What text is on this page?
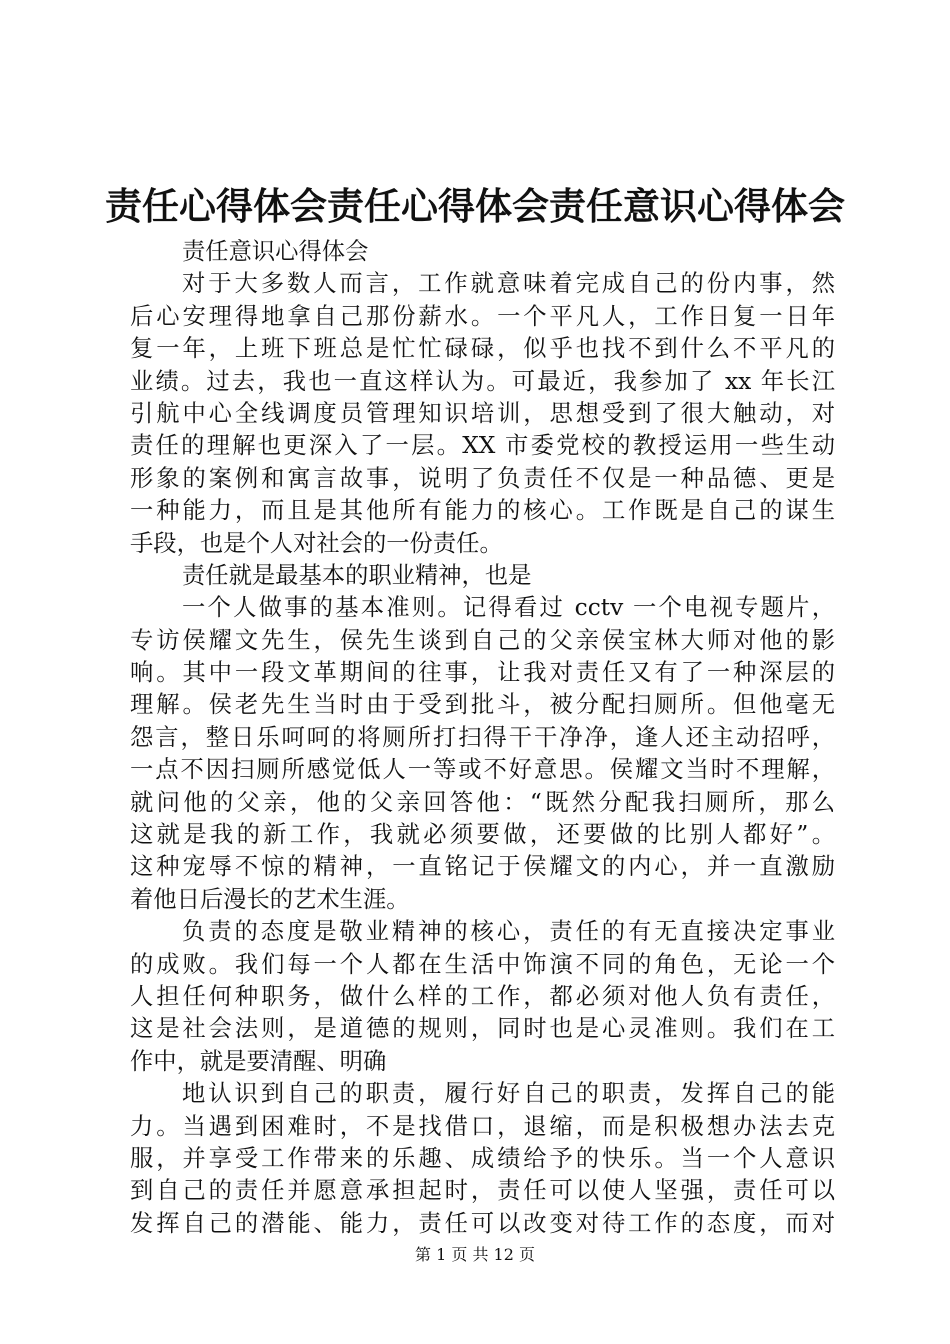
责任心得体会责任心得体会责任意识心得体会
责任意识心得体会
对于大多数人而言，工作就意味着完成自己的份内事，然
后心安理得地拿自己那份薪水。一个平凡人，工作日复一日年
复一年，上班下班总是忙忙碌碌，似乎也找不到什么不平凡的
业绩。过去，我也一直这样认为。可最近，我参加了 xx 年长江
引航中心全线调度员管理知识培训，思想受到了很大触动，对
责任的理解也更深入了一层。XX 市委党校的教授运用一些生动
形象的案例和寓言故事，说明了负责任不仅是一种品德、更是
一种能力，而且是其他所有能力的核心。工作既是自己的谋生
手段，也是个人对社会的一份责任。
责任就是最基本的职业精神，也是
一个人做事的基本准则。记得看过 cctv 一个电视专题片，
专访侯耀文先生，侯先生谈到自己的父亲侯宝林大师对他的影
响。其中一段文革期间的往事，让我对责任又有了一种深层的
理解。侯老先生当时由于受到批斗，被分配扫厕所。但他毫无
怨言，整日乐呵呵的将厕所打扫得干干净净，逢人还主动招呼，
一点不因扫厕所感觉低人一等或不好意思。侯耀文当时不理解，
就问他的父亲，他的父亲回答他：“既然分配我扫厕所，那么
这就是我的新工作，我就必须要做，还要做的比别人都好”。
这种宠辱不惊的精神，一直铭记于侯耀文的内心，并一直激励
着他日后漫长的艺术生涯。
负责的态度是敬业精神的核心，责任的有无直接决定事业
的成败。我们每一个人都在生活中饰演不同的角色，无论一个
人担任何种职务，做什么样的工作，都必须对他人负有责任，
这是社会法则，是道德的规则，同时也是心灵准则。我们在工
作中，就是要清醒、明确
地认识到自己的职责，履行好自己的职责，发挥自己的能
力。当遇到困难时，不是找借口，退缩，而是积极想办法去克
服，并享受工作带来的乐趣、成绩给予的快乐。当一个人意识
到自己的责任并愿意承担起时，责任可以使人坚强，责任可以
发挥自己的潜能、能力，责任可以改变对待工作的态度，而对
第 1 页 共 12 页
